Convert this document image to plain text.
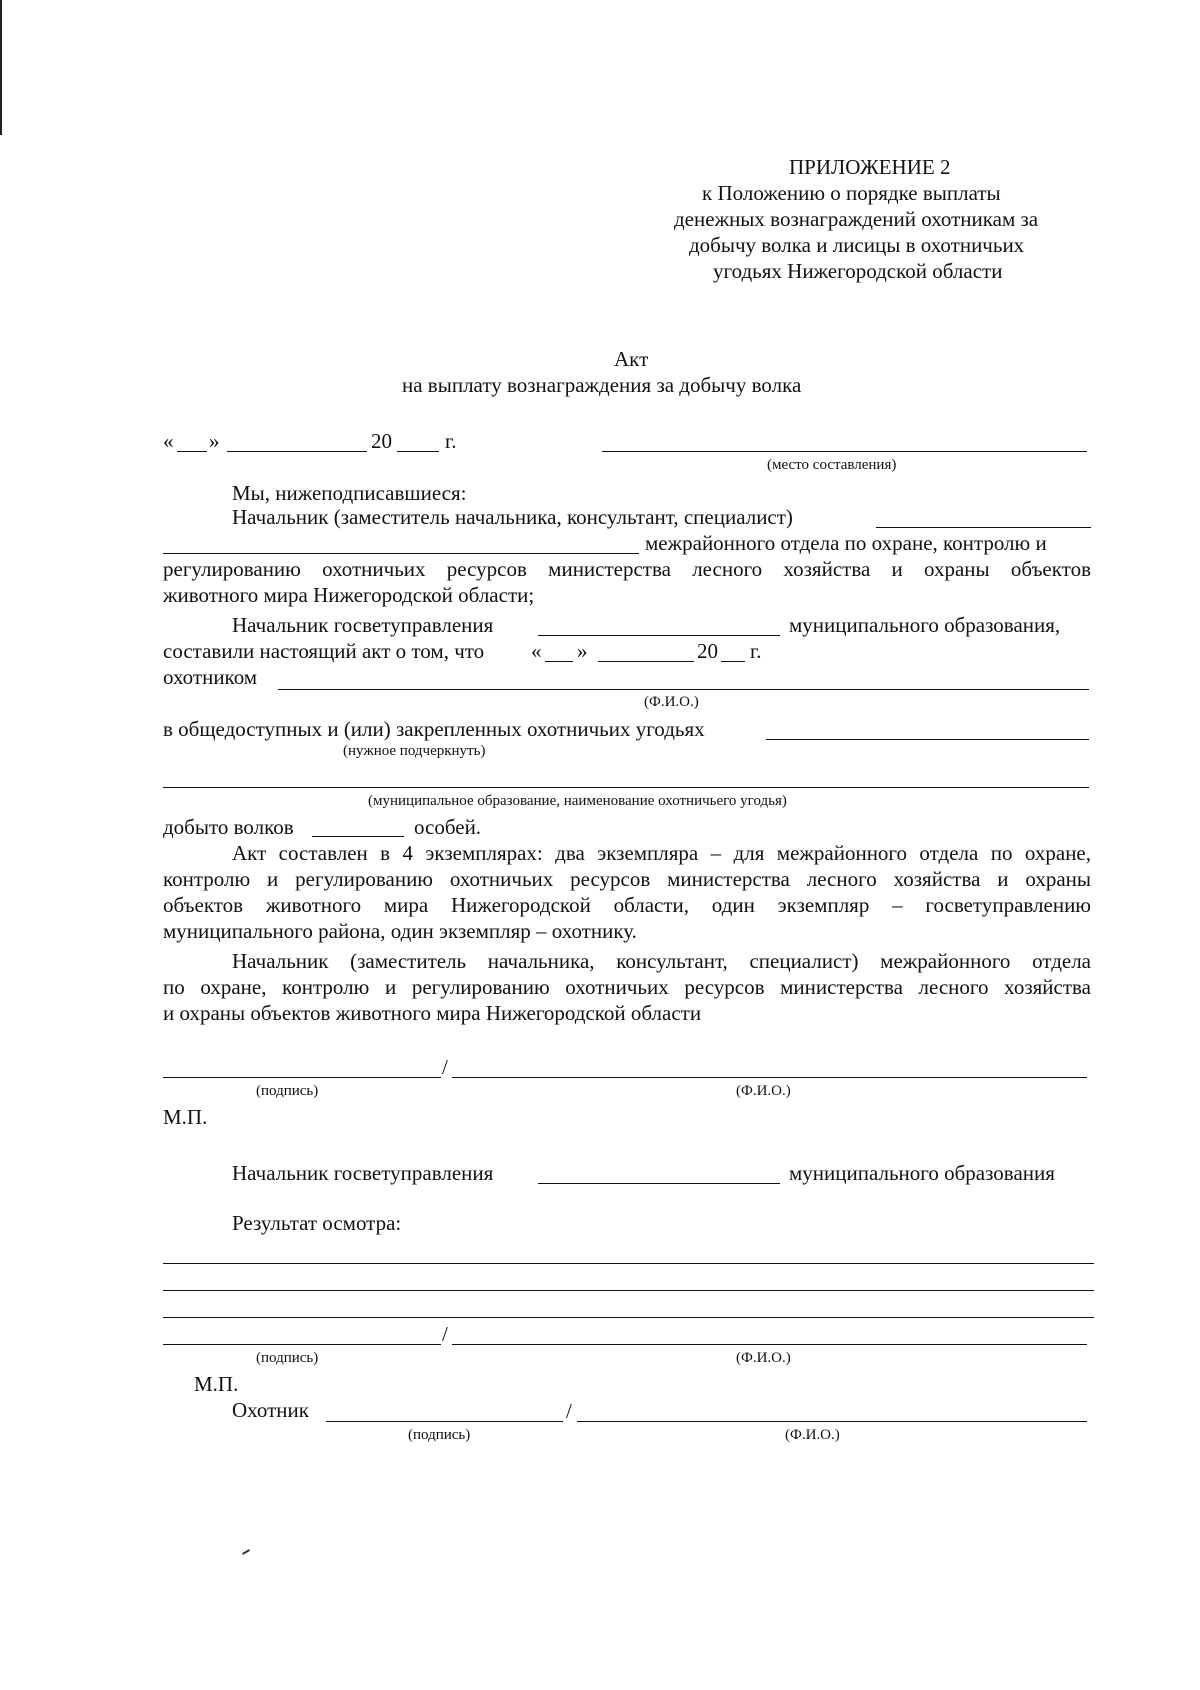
ПРИЛОЖЕНИЕ 2
к Положению о порядке выплаты
денежных вознаграждений охотникам за
добычу волка и лисицы в охотничьих
угодьях Нижегородской области
Акт
на выплату вознаграждения за добычу волка
« »	20	г.
(место составления)
Мы, нижеподписавшиеся:
Начальник (заместитель начальника, консультант, специалист)
межрайонного отдела по охране, контролю и
регулированию охотничьих ресурсов министерства лесного хозяйства и охраны объектов
животного мира Нижегородской области;
Начальник госветуправления	муниципального образования,
составили настоящий акт о том, что « »	20 г.
охотником
(Ф.И.О.)
в общедоступных и (или) закрепленных охотничьих угодьях
(нужное подчеркнуть)
(муниципальное образование, наименование охотничьего угодья)
добыто волков	особей.
Акт составлен в 4 экземплярах: два экземпляра – для межрайонного отдела по охране,
контролю и регулированию охотничьих ресурсов министерства лесного хозяйства и охраны
объектов животного мира Нижегородской области, один экземпляр – госветуправлению
муниципального района, один экземпляр – охотнику.
Начальник (заместитель начальника, консультант, специалист) межрайонного отдела
по охране, контролю и регулированию охотничьих ресурсов министерства лесного хозяйства
и охраны объектов животного мира Нижегородской области
/
(подпись)	(Ф.И.О.)
М.П.
Начальник госветуправления	муниципального образования
Результат осмотра:
/
(подпись)	(Ф.И.О.)
М.П.
Охотник	/
(подпись)	(Ф.И.О.)
